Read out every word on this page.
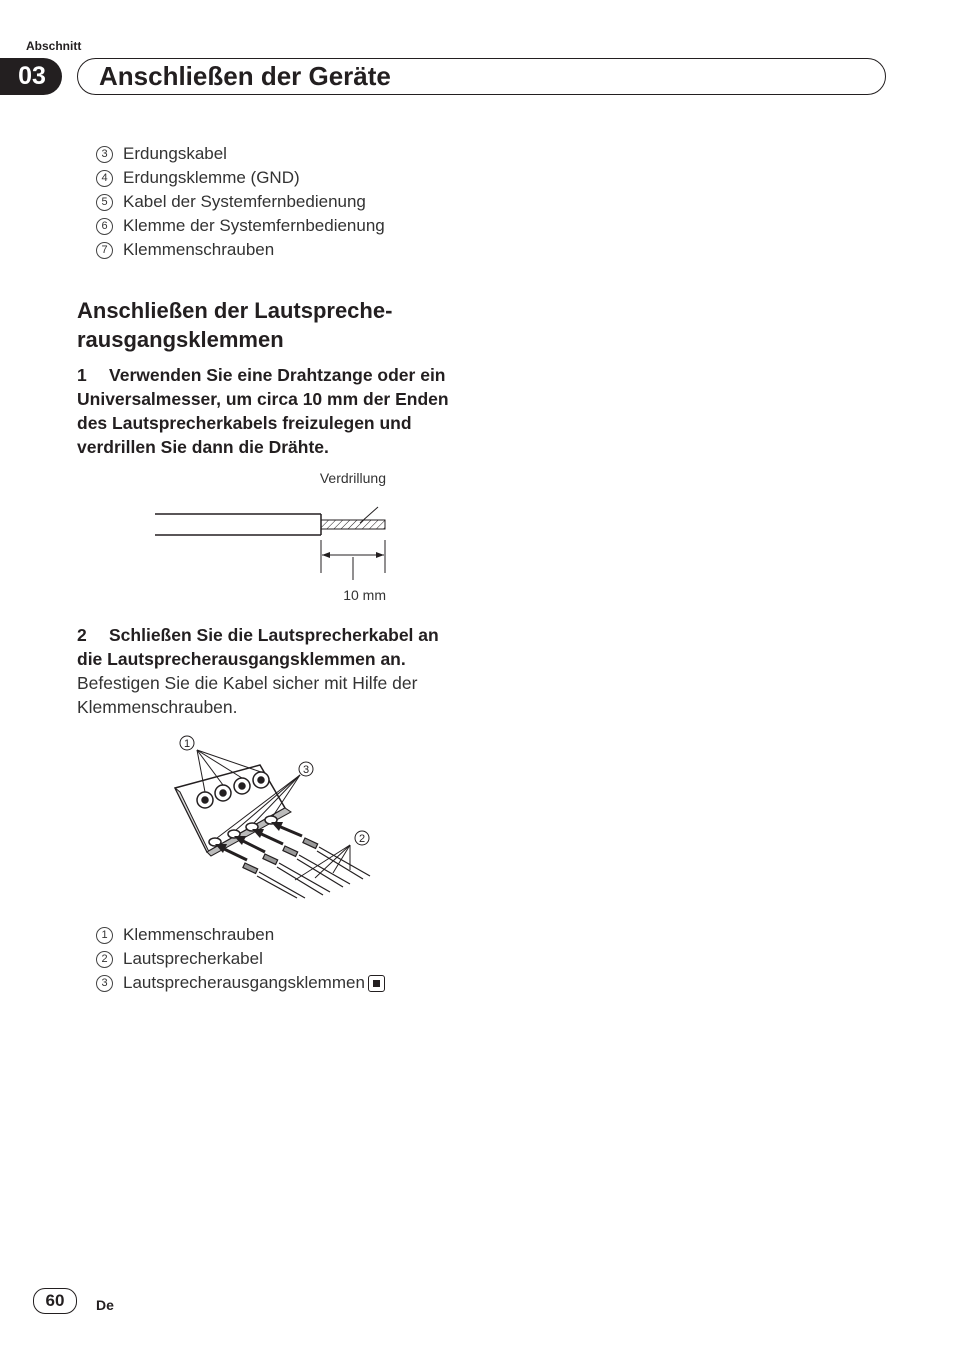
Abschnitt
03	Anschließen der Geräte
3 Erdungskabel
4 Erdungsklemme (GND)
5 Kabel der Systemfernbedienung
6 Klemme der Systemfernbedienung
7 Klemmenschrauben
Anschließen der Lautspreche-
rausgangsklemmen
1 Verwenden Sie eine Drahtzange oder ein Universalmesser, um circa 10 mm der Enden des Lautsprecherkabels freizulegen und verdrillen Sie dann die Drähte.
Verdrillung
10 mm
2 Schließen Sie die Lautsprecherkabel an die Lautsprecherausgangsklemmen an.
Befestigen Sie die Kabel sicher mit Hilfe der Klemmenschrauben.
1
3
2
1 Klemmenschrauben
2 Lautsprecherkabel
3 Lautsprecherausgangsklemmen
60	De
